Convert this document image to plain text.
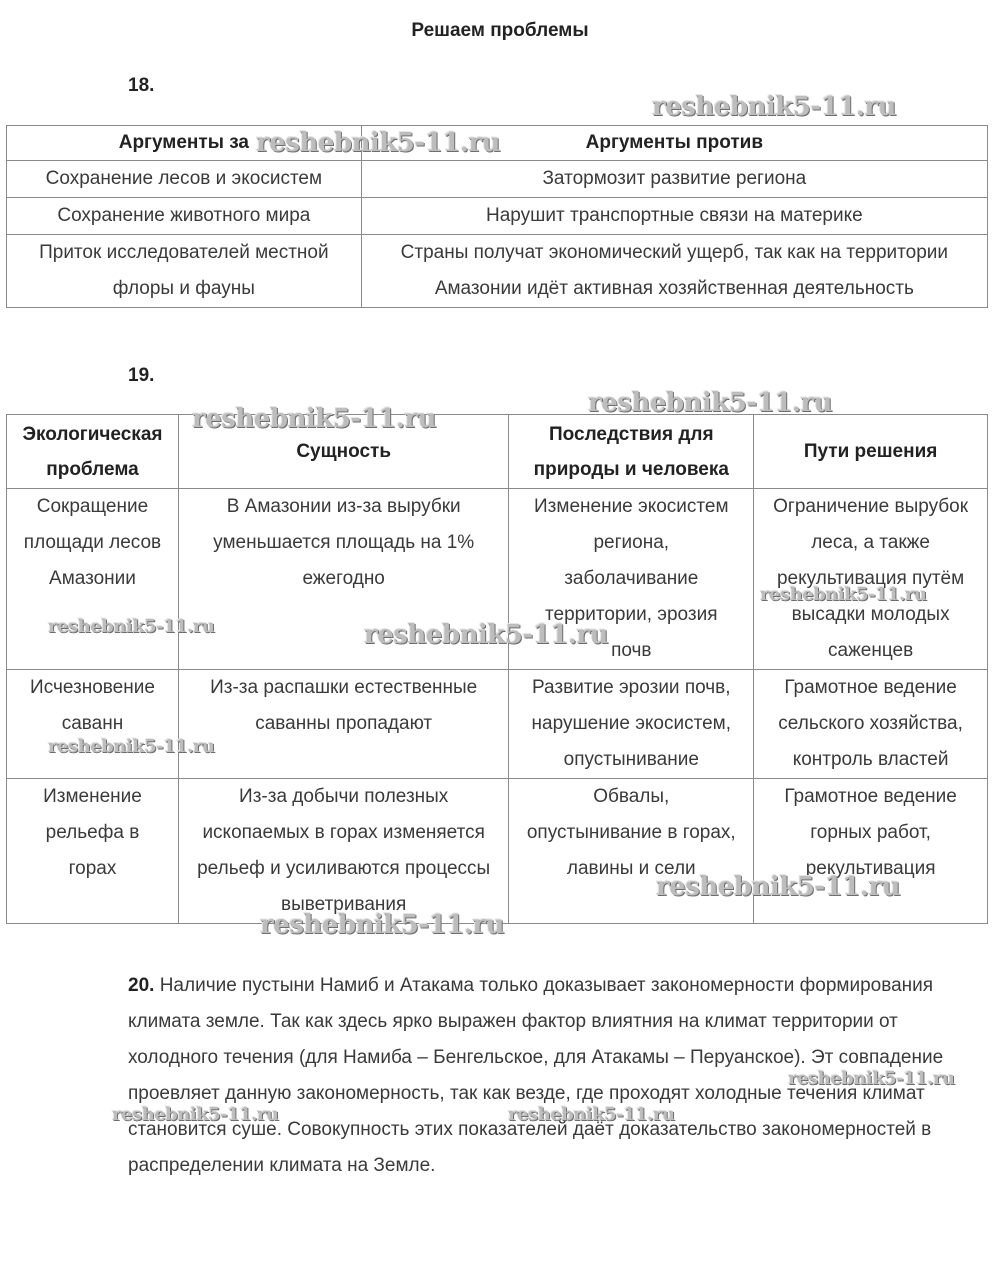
Решаем проблемы
18.
Аргументы за	Аргументы против
Сохранение лесов и экосистем	Затормозит развитие региона
Сохранение животного мира	Нарушит транспортные связи на материке
Приток исследователей местной флоры и фауны	Страны получат экономический ущерб, так как на территории Амазонии идёт активная хозяйственная деятельность
19.
Экологическая проблема	Сущность	Последствия для природы и человека	Пути решения
Сокращение площади лесов Амазонии	В Амазонии из-за вырубки уменьшается площадь на 1% ежегодно	Изменение экосистем региона, заболачивание территории, эрозия почв	Ограничение вырубок леса, а также рекультивация путём высадки молодых саженцев
Исчезновение саванн	Из-за распашки естественные саванны пропадают	Развитие эрозии почв, нарушение экосистем, опустынивание	Грамотное ведение сельского хозяйства, контроль властей
Изменение рельефа в горах	Из-за добычи полезных ископаемых в горах изменяется рельеф и усиливаются процессы выветривания	Обвалы, опустынивание в горах, лавины и сели	Грамотное ведение горных работ, рекультивация
20. Наличие пустыни Намиб и Атакама только доказывает закономерности формирования климата земле. Так как здесь ярко выражен фактор влиятния на климат территории от холодного течения (для Намиба – Бенгельское, для Атакамы – Перуанское). Эт совпадение проевляет данную закономерность, так как везде, где проходят холодные течения климат становится суше. Совокупность этих показателей даёт доказательство закономерностей в распределении климата на Земле.
reshebnik5-11.ru
reshebnik5-11.ru
reshebnik5-11.ru
reshebnik5-11.ru
reshebnik5-11.ru
reshebnik5-11.ru	reshebnik5-11.ru
reshebnik5-11.ru
reshebnik5-11.ru
reshebnik5-11.ru
reshebnik5-11.ru
reshebnik5-11.ru	reshebnik5-11.ru
